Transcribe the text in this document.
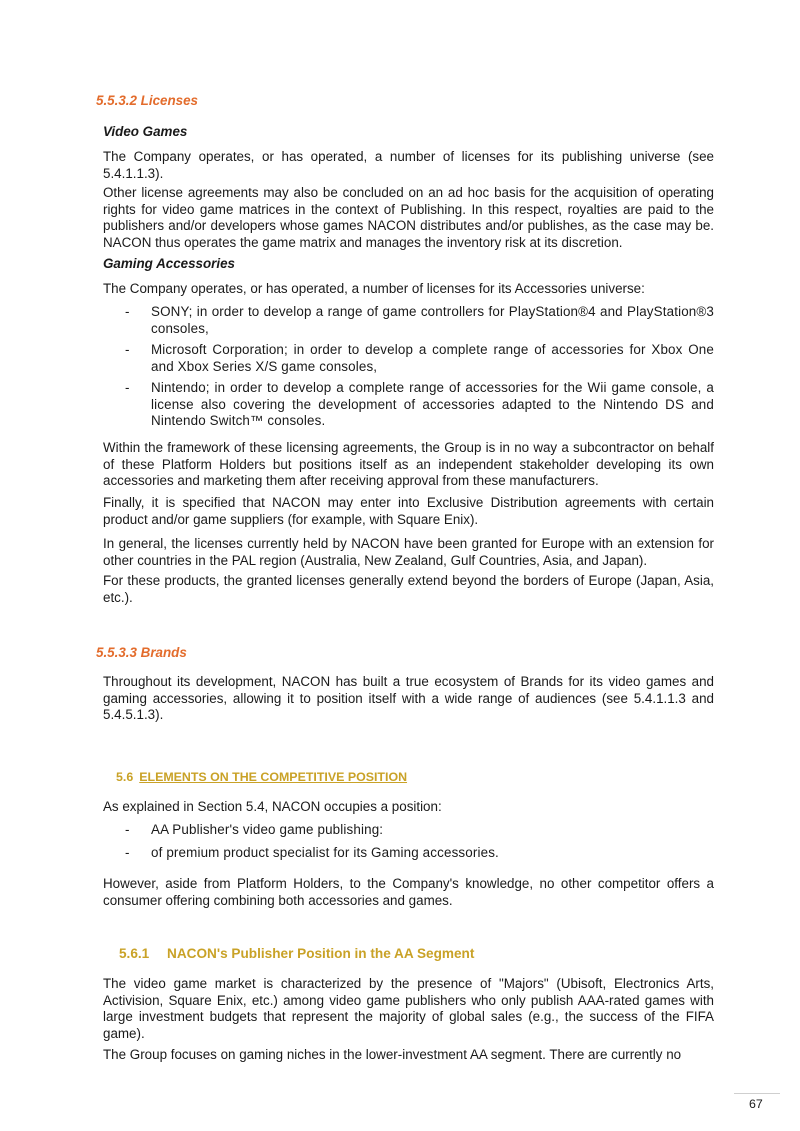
5.5.3.2 Licenses
Video Games

The Company operates, or has operated, a number of licenses for its publishing universe (see 5.4.1.1.3).

Other license agreements may also be concluded on an ad hoc basis for the acquisition of operating rights for video game matrices in the context of Publishing. In this respect, royalties are paid to the publishers and/or developers whose games NACON distributes and/or publishes, as the case may be. NACON thus operates the game matrix and manages the inventory risk at its discretion.

Gaming Accessories

The Company operates, or has operated, a number of licenses for its Accessories universe:

- SONY; in order to develop a range of game controllers for PlayStation®4 and PlayStation®3 consoles,
- Microsoft Corporation; in order to develop a complete range of accessories for Xbox One and Xbox Series X/S game consoles,
- Nintendo; in order to develop a complete range of accessories for the Wii game console, a license also covering the development of accessories adapted to the Nintendo DS and Nintendo Switch™ consoles.

Within the framework of these licensing agreements, the Group is in no way a subcontractor on behalf of these Platform Holders but positions itself as an independent stakeholder developing its own accessories and marketing them after receiving approval from these manufacturers.

Finally, it is specified that NACON may enter into Exclusive Distribution agreements with certain product and/or game suppliers (for example, with Square Enix).

In general, the licenses currently held by NACON have been granted for Europe with an extension for other countries in the PAL region (Australia, New Zealand, Gulf Countries, Asia, and Japan).

For these products, the granted licenses generally extend beyond the borders of Europe (Japan, Asia, etc.).

5.5.3.3 Brands

Throughout its development, NACON has built a true ecosystem of Brands for its video games and gaming accessories, allowing it to position itself with a wide range of audiences (see 5.4.1.1.3 and 5.4.5.1.3).

5.6 ELEMENTS ON THE COMPETITIVE POSITION

As explained in Section 5.4, NACON occupies a position:

- AA Publisher's video game publishing:
- of premium product specialist for its Gaming accessories.

However, aside from Platform Holders, to the Company's knowledge, no other competitor offers a consumer offering combining both accessories and games.

5.6.1 NACON's Publisher Position in the AA Segment

The video game market is characterized by the presence of "Majors" (Ubisoft, Electronics Arts, Activision, Square Enix, etc.) among video game publishers who only publish AAA-rated games with large investment budgets that represent the majority of global sales (e.g., the success of the FIFA game).

The Group focuses on gaming niches in the lower-investment AA segment. There are currently no

67
